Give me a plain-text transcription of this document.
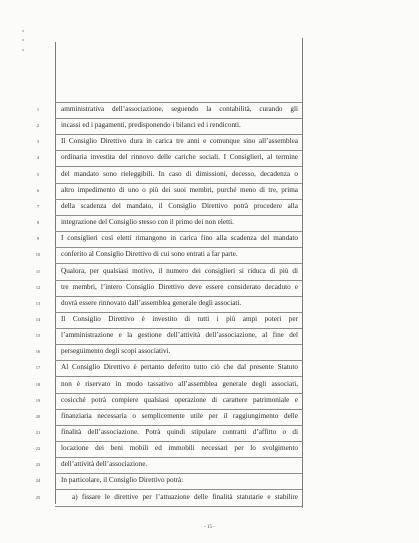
1	amministrativa dell’associazione, seguendo la contabilità, curando gli
2	incassi ed i pagamenti, predisponendo i bilanci ed i rendiconti.
3	Il Consiglio Direttivo dura in carica tre anni e comunque sino all’assemblea
4	ordinaria investita del rinnovo delle cariche sociali. I Consiglieri, al termine
5	del mandato sono rieleggibili. In caso di dimissioni, decesso, decadenza o
6	altro impedimento di uno o più dei suoi membri, purché meno di tre, prima
7	della scadenza del mandato, il Consiglio Direttivo potrà procedere alla
8	integrazione del Consiglio stesso con il primo dei non eletti.
9	I consiglieri così eletti rimangono in carica fino alla scadenza del mandato
10	conferito al Consiglio Direttivo di cui sono entrati a far parte.
11	Qualora, per qualsiasi motivo, il numero dei consiglieri si riduca di più di
12	tre membri, l’intero Consiglio Direttivo deve essere considerato decaduto e
13	dovrà essere rinnovato dall’assemblea generale degli associati.
14	Il Consiglio Direttivo è investito di tutti i più ampi poteri per
15	l’amministrazione e la gestione dell’attività dell’associazione, al fine del
16	perseguimento degli scopi associativi.
17	Al Consiglio Direttivo è pertanto deferito tutto ciò che dal presente Statuto
18	non è riservato in modo tassativo all’assemblea generale degli associati,
19	cosicché potrà compiere qualsiasi operazione di carattere patrimoniale e
20	finanziaria necessaria o semplicemente utile per il raggiungimento delle
21	finalità dell’associazione. Potrà quindi stipulare contratti d’affitto o di
22	locazione dei beni mobili ed immobili necessari per lo svolgimento
23	dell’attività dell’associazione.
24	In particolare, il Consiglio Direttivo potrà:
25	a) fissare le direttive per l’attuazione delle finalità statutarie e stabilire
- 15 -
